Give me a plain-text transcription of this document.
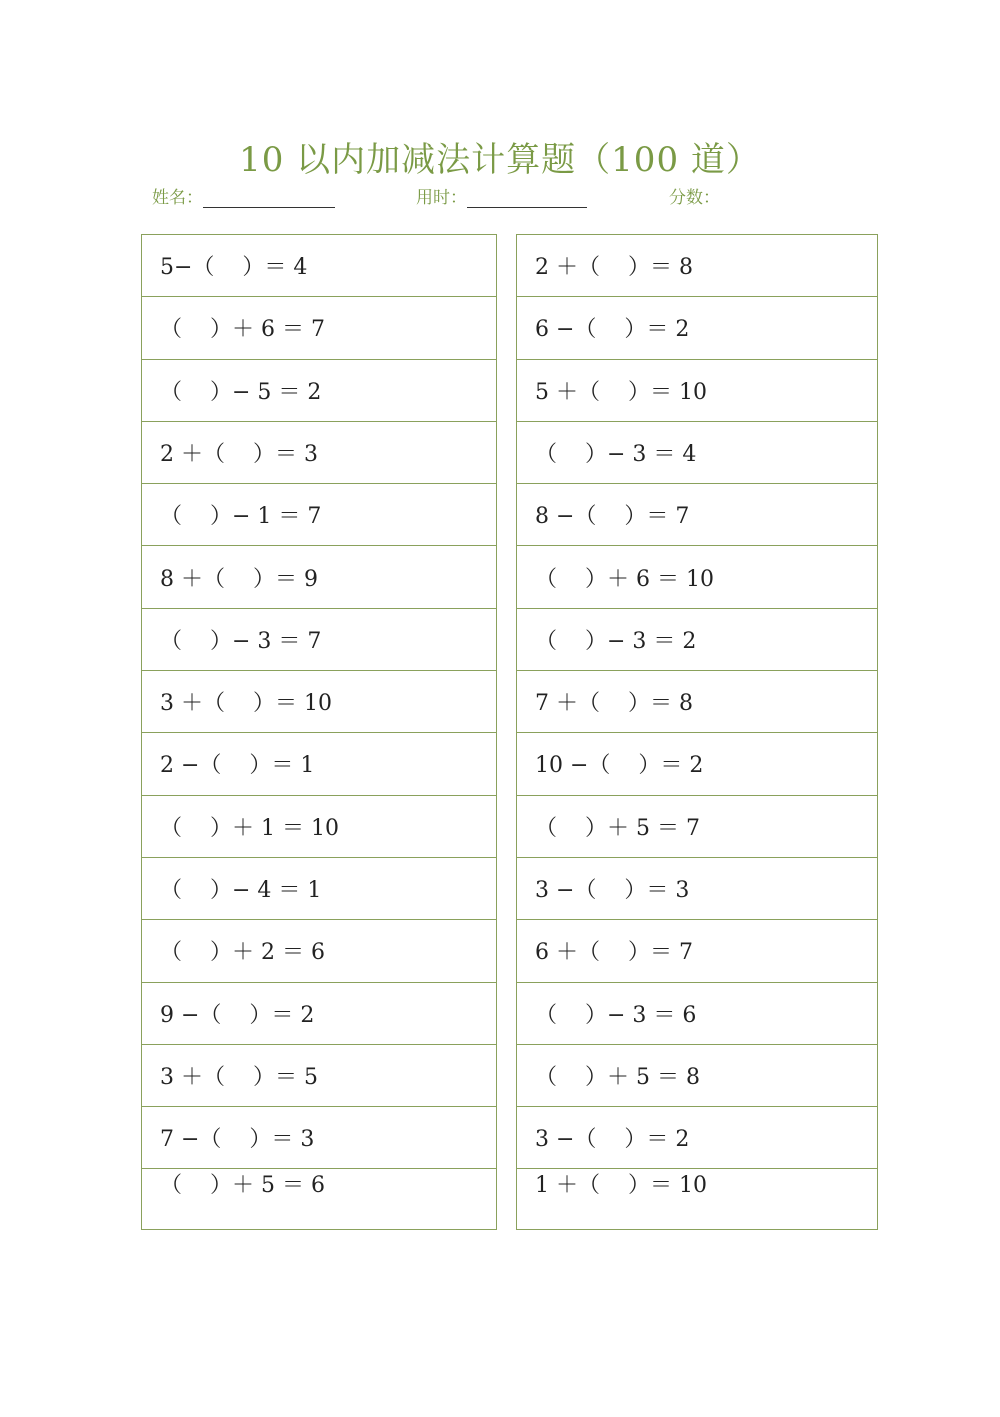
10 以内加减法计算题（100 道）
姓名：	用时：	分数：
5−（    ）＝ 4
（    ）＋ 6 ＝ 7
（    ）− 5 ＝ 2
2 ＋（    ）＝ 3
（    ）− 1 ＝ 7
8 ＋（    ）＝ 9
（    ）− 3 ＝ 7
3 ＋（    ）＝ 10
2 −（    ）＝ 1
（    ）＋ 1 ＝ 10
（    ）− 4 ＝ 1
（    ）＋ 2 ＝ 6
9 −（    ）＝ 2
3 ＋（    ）＝ 5
7 −（    ）＝ 3
（    ）＋ 5 ＝ 6
2 ＋（    ）＝ 8
6 −（    ）＝ 2
5 ＋（    ）＝ 10
（    ）− 3 ＝ 4
8 −（    ）＝ 7
（    ）＋ 6 ＝ 10
（    ）− 3 ＝ 2
7 ＋（    ）＝ 8
10 −（    ）＝ 2
（    ）＋ 5 ＝ 7
3 −（    ）＝ 3
6 ＋（    ）＝ 7
（    ）− 3 ＝ 6
（    ）＋ 5 ＝ 8
3 −（    ）＝ 2
1 ＋（    ）＝ 10
